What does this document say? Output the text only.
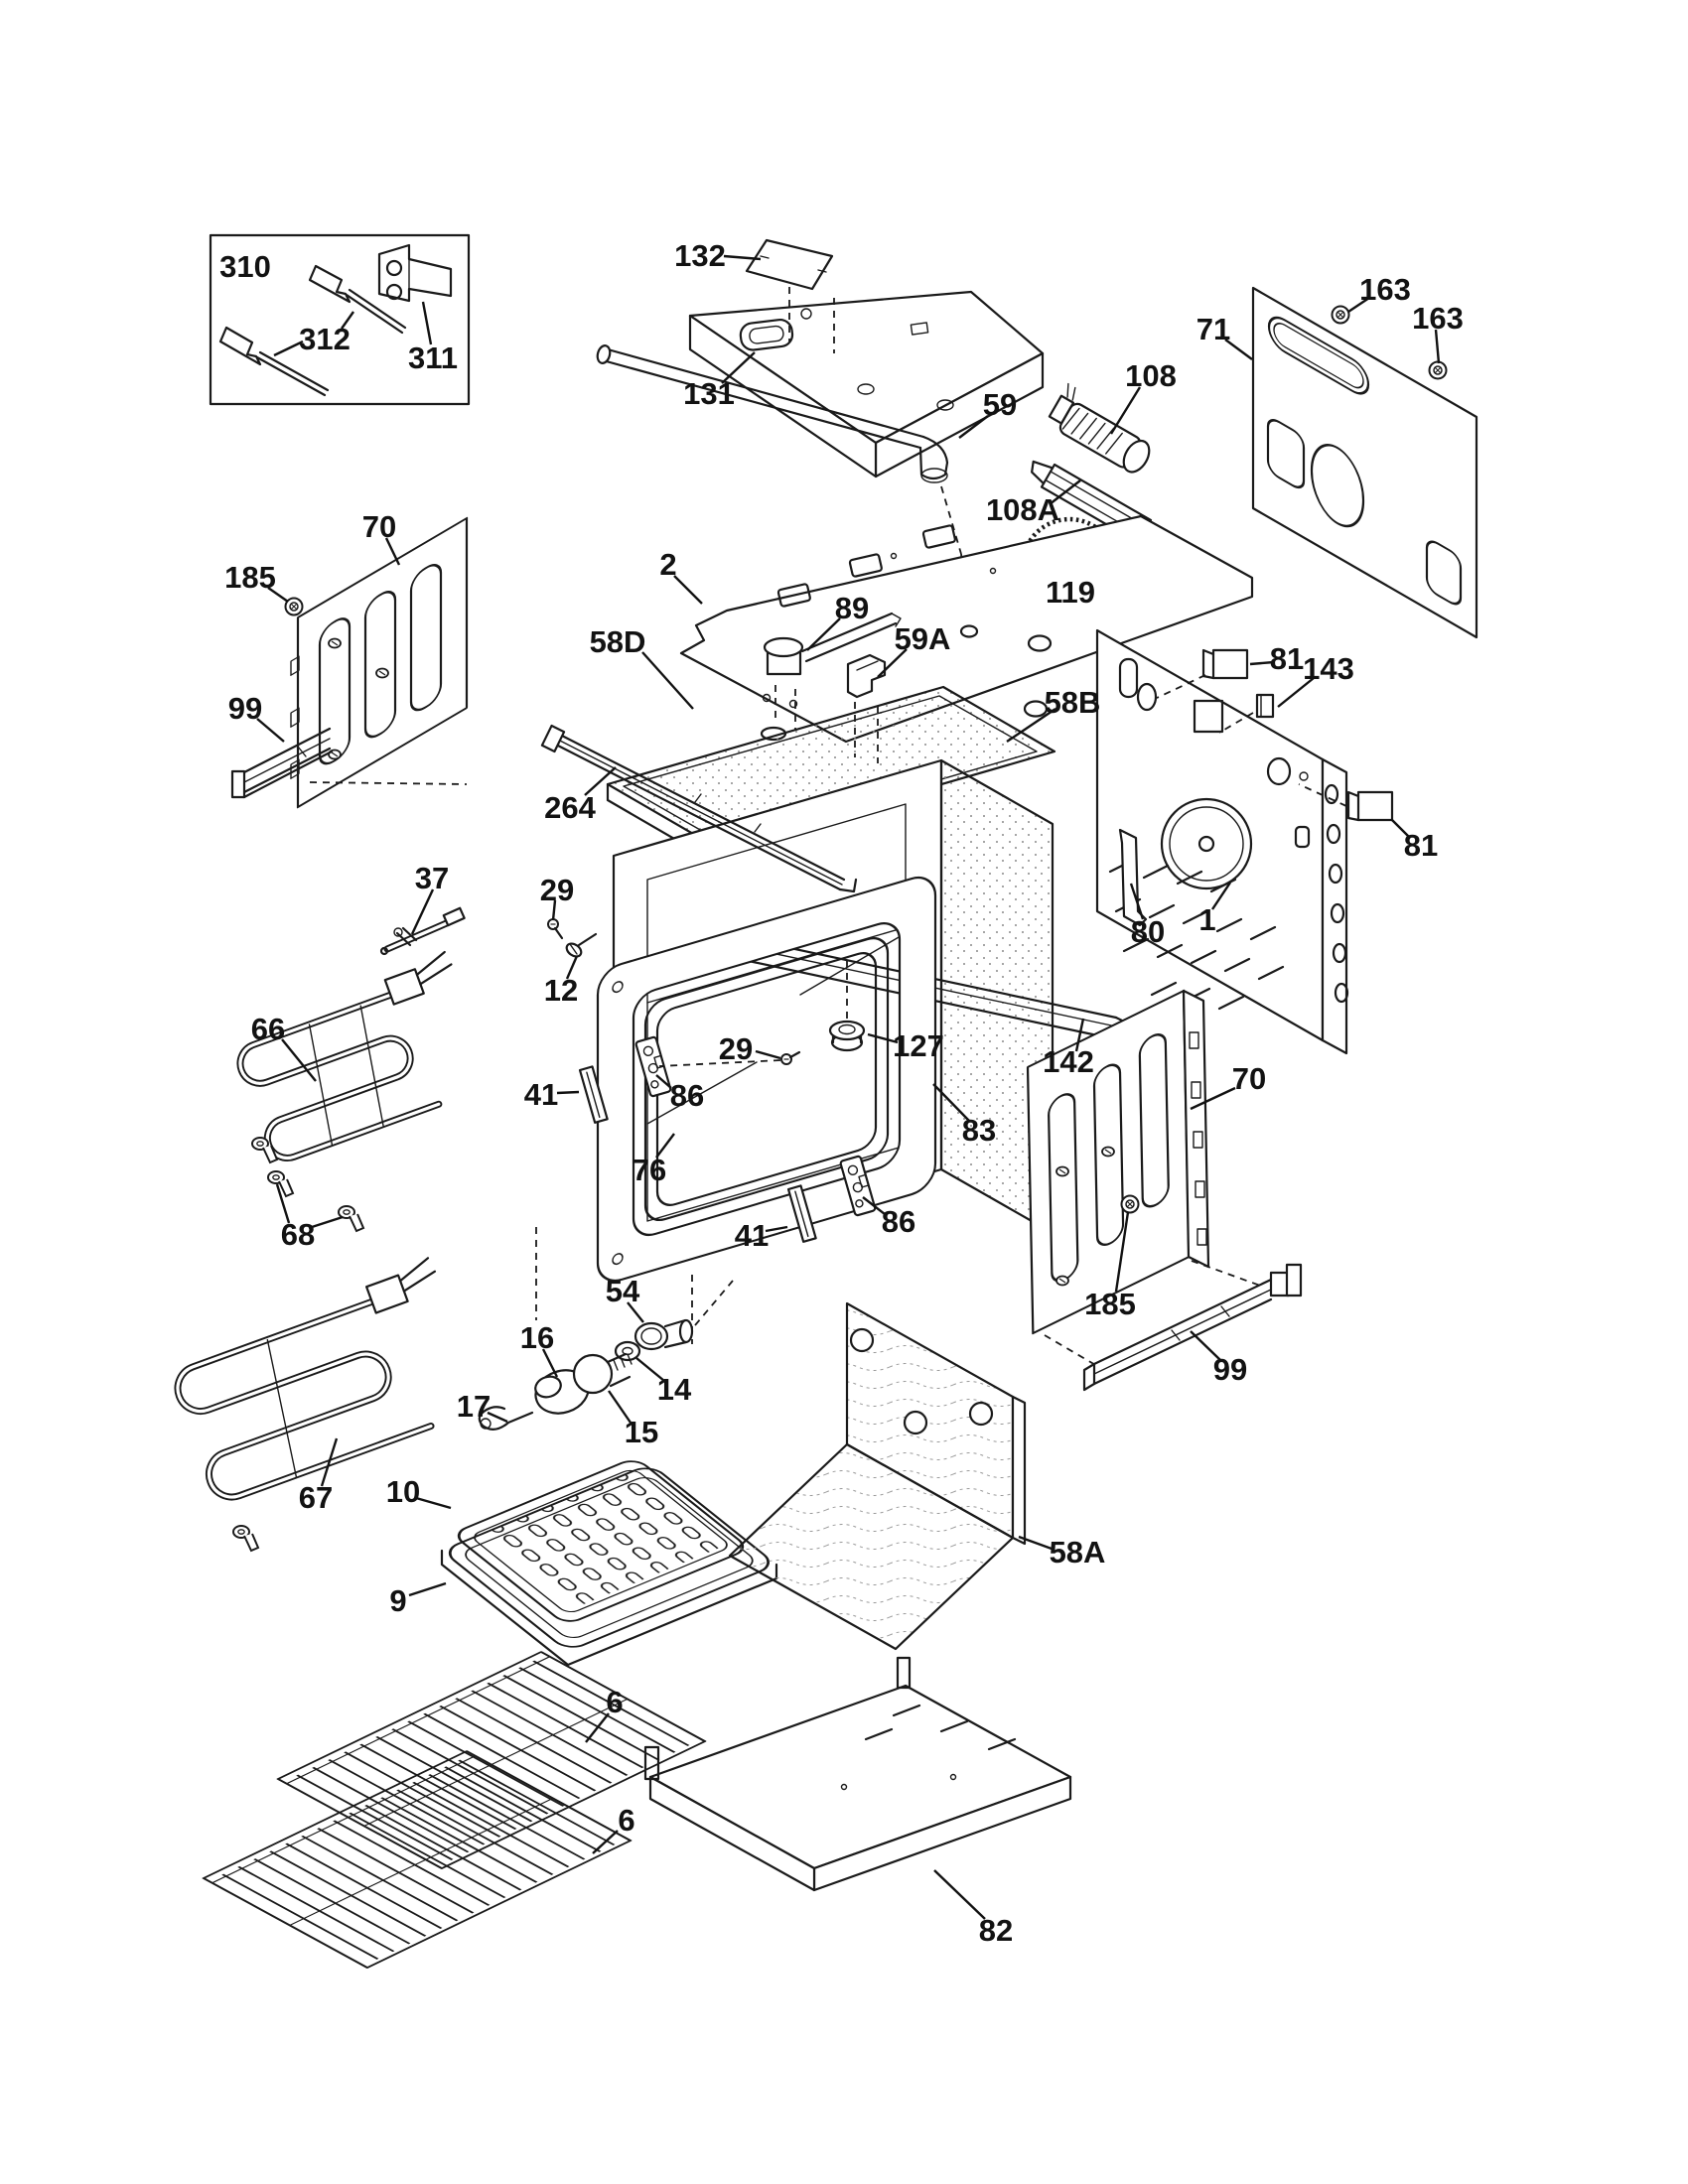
310
312
311
132
131	59
163
163
71
108
108A
119
185
70
99
2
89
58D	59A
58B
264
81
143
81
1
80
37	29
12
66
29	127
86
41
76
83
41	86
142	70
185
99
54
16
14
17
15
67
68
10
9
6
6
58A
82
